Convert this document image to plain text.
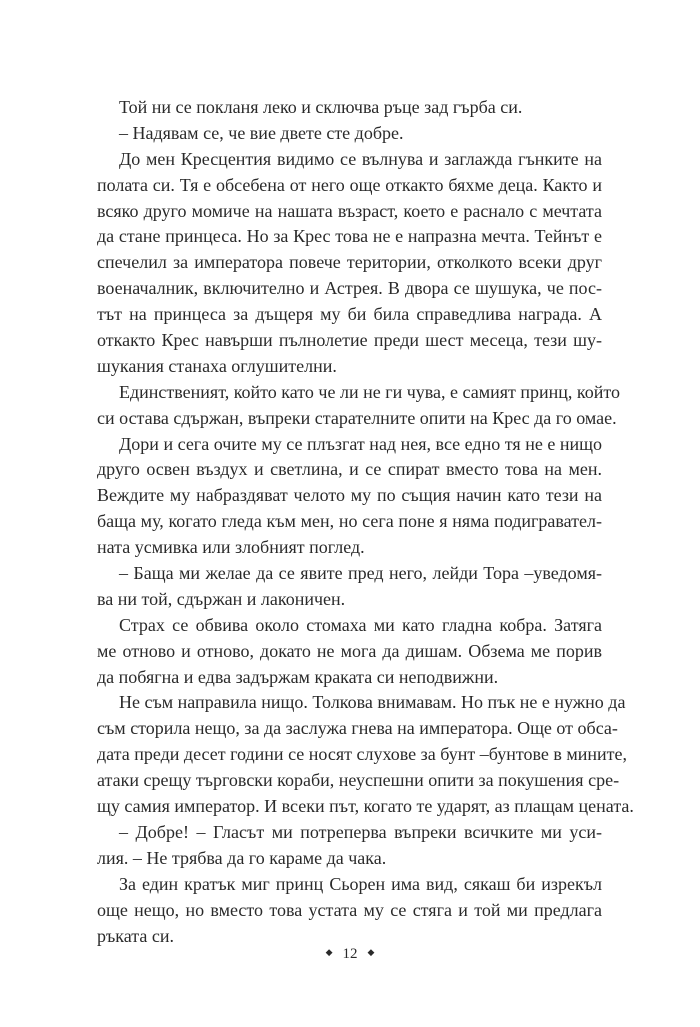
Той ни се покланя леко и сключва ръце зад гърба си.
– Надявам се, че вие двете сте добре.
До мен Кресцентия видимо се вълнува и заглажда гънките на
полата си. Тя е обсебена от него още откакто бяхме деца. Както и
всяко друго момиче на нашата възраст, което е раснало с мечтата
да стане принцеса. Но за Крес това не е напразна мечта. Тейнът е
спечелил за императора повече територии, отколкото всеки друг
военачалник, включително и Астрея. В двора се шушука, че пос-
тът на принцеса за дъщеря му би била справедлива награда. А
откакто Крес навърши пълнолетие преди шест месеца, тези шу-
шукания станаха оглушителни.
Единственият, който като че ли не ги чува, е самият принц, който
си остава сдържан, въпреки старателните опити на Крес да го омае.
Дори и сега очите му се плъзгат над нея, все едно тя не е нищо
друго освен въздух и светлина, и се спират вместо това на мен.
Веждите му набраздяват челото му по същия начин като тези на
баща му, когато гледа към мен, но сега поне я няма подигравател-
ната усмивка или злобният поглед.
– Баща ми желае да се явите пред него, лейди Тора –уведомя-
ва ни той, сдържан и лаконичен.
Страх се обвива около стомаха ми като гладна кобра. Затяга
ме отново и отново, докато не мога да дишам. Обзема ме порив
да побягна и едва задържам краката си неподвижни.
Не съм направила нищо. Толкова внимавам. Но пък не е нужно да
съм сторила нещо, за да заслужа гнева на императора. Още от обса-
дата преди десет години се носят слухове за бунт –бунтове в мините,
атаки срещу търговски кораби, неуспешни опити за покушения сре-
щу самия император. И всеки път, когато те ударят, аз плащам цената.
– Добре! – Гласът ми потреперва въпреки всичките ми уси-
лия. – Не трябва да го караме да чака.
За един кратък миг принц Сьорен има вид, сякаш би изрекъл
още нещо, но вместо това устата му се стяга и той ми предлага
ръката си.
◆ 12 ◆
